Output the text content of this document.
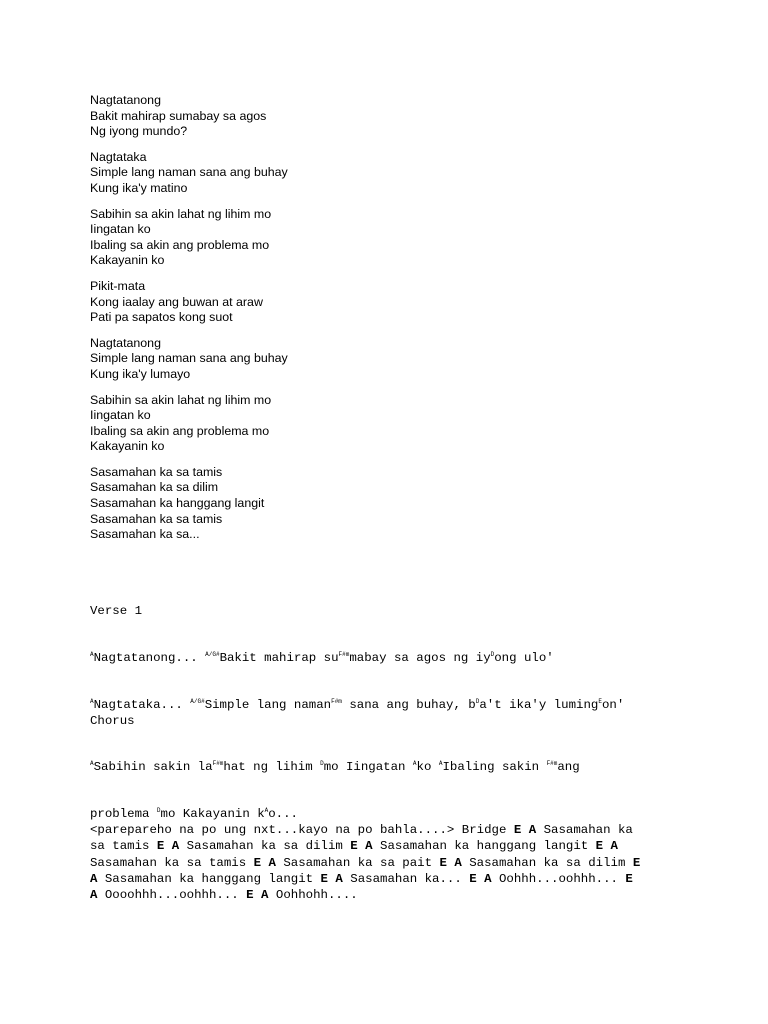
Nagtatanong
Bakit mahirap sumabay sa agos
Ng iyong mundo?
Nagtataka
Simple lang naman sana ang buhay
Kung ika'y matino
Sabihin sa akin lahat ng lihim mo
Iingatan ko
Ibaling sa akin ang problema mo
Kakayanin ko
Pikit-mata
Kong iaalay ang buwan at araw
Pati pa sapatos kong suot
Nagtatanong
Simple lang naman sana ang buhay
Kung ika'y lumayo
Sabihin sa akin lahat ng lihim mo
Iingatan ko
Ibaling sa akin ang problema mo
Kakayanin ko
Sasamahan ka sa tamis
Sasamahan ka sa dilim
Sasamahan ka hanggang langit
Sasamahan ka sa tamis
Sasamahan ka sa...
Verse 1
$^A$Nagtatanong... $^{A/G\#}$Bakit mahirap $su^{F\#m}mabay$ sa agos ng $iy^Dong$ ulo'
$^A$Nagtataka... $^{A/G\#}$Simple lang naman$^{F\#m}$ sana ang buhay, $b^Da't$ ika'y luming$^E$on'
Chorus
$^A$Sabihin sakin $la^{F\#m}hat$ ng lihim $^D$mo Iingatan $^A$ko $^A$Ibaling sakin $^{F\#m}$ang
problema $^D$mo Kakayanin $k^Ao$...
<parepareho na po ung nxt...kayo na po bahla....> Bridge E A Sasamahan ka
sa tamis E A Sasamahan ka sa dilim E A Sasamahan ka hanggang langit E A
Sasamahan ka sa tamis E A Sasamahan ka sa pait E A Sasamahan ka sa dilim E
A Sasamahan ka hanggang langit E A Sasamahan ka... E A Oohhh...oohhh... E
A Oooohhh...oohhh... E A Oohhohh....
